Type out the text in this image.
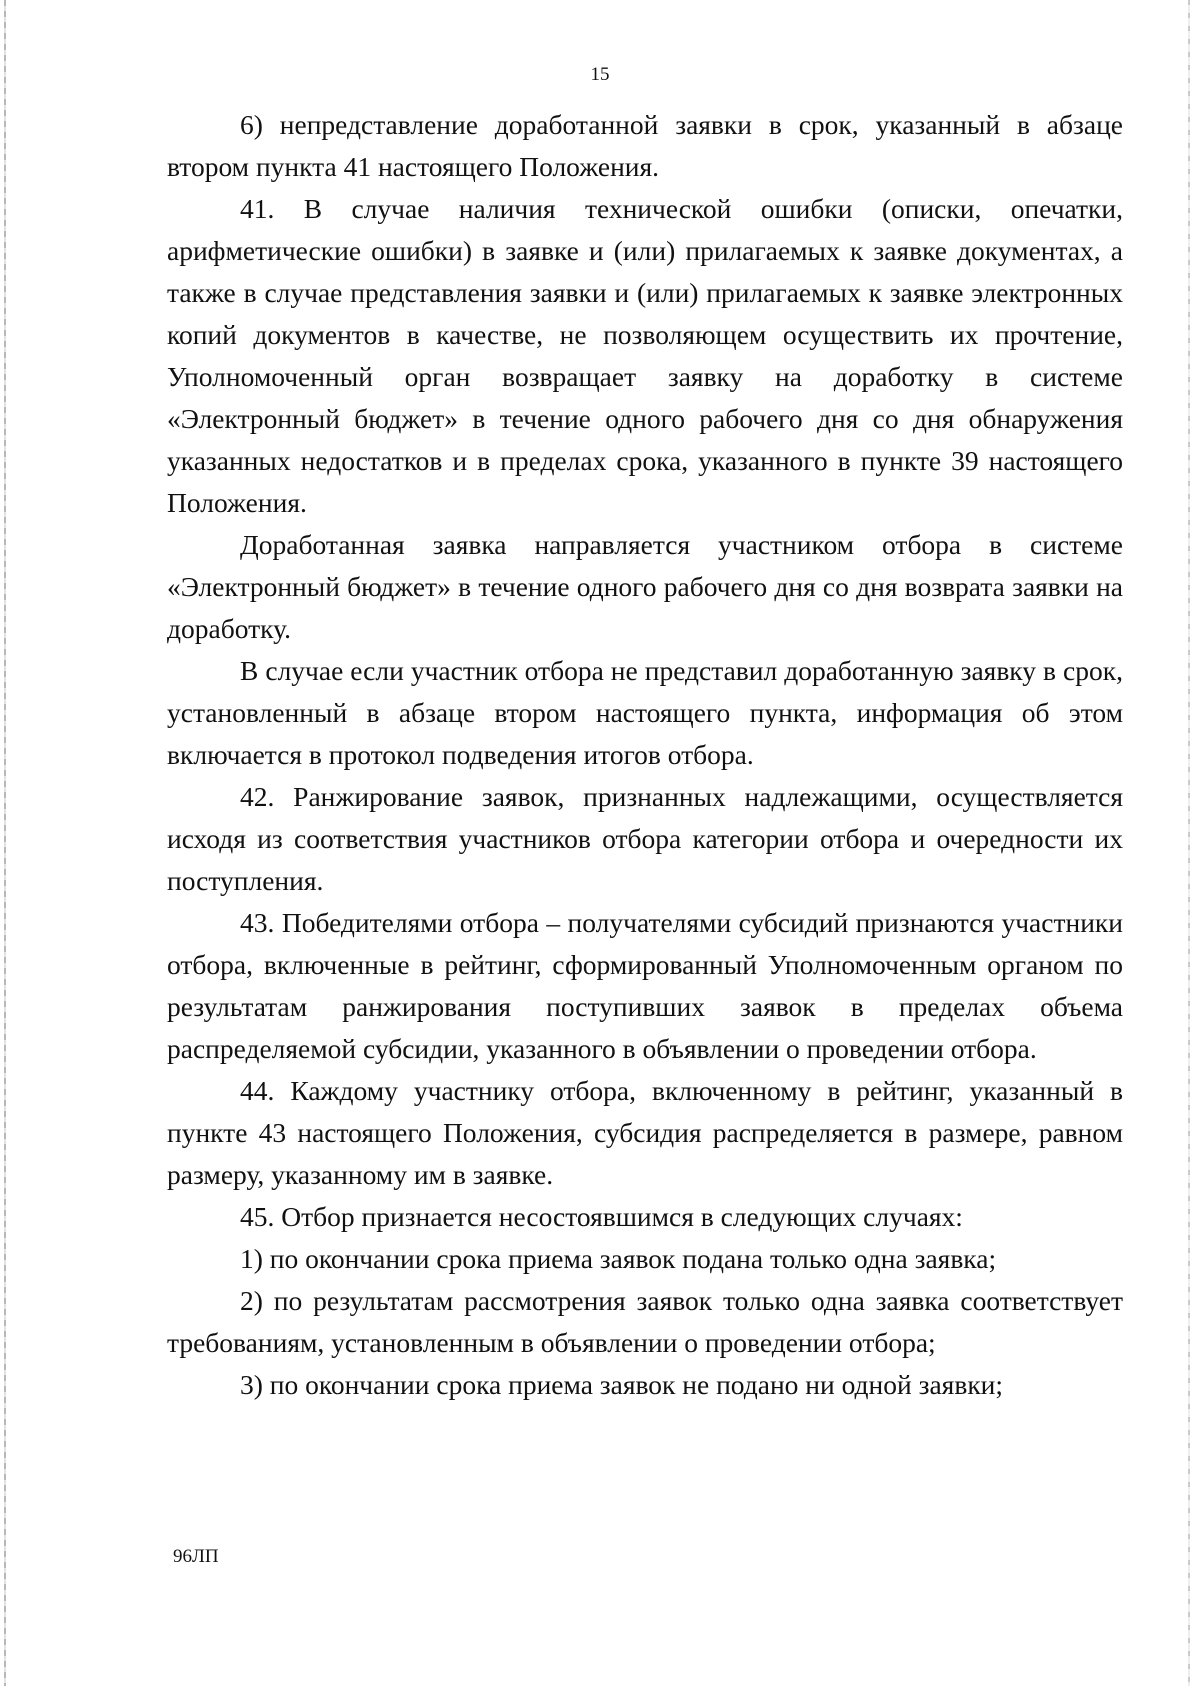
15

6) непредставление доработанной заявки в срок, указанный в абзаце втором пункта 41 настоящего Положения.

41. В случае наличия технической ошибки (описки, опечатки, арифметические ошибки) в заявке и (или) прилагаемых к заявке документах, а также в случае представления заявки и (или) прилагаемых к заявке электронных копий документов в качестве, не позволяющем осуществить их прочтение, Уполномоченный орган возвращает заявку на доработку в системе «Электронный бюджет» в течение одного рабочего дня со дня обнаружения указанных недостатков и в пределах срока, указанного в пункте 39 настоящего Положения.

Доработанная заявка направляется участником отбора в системе «Электронный бюджет» в течение одного рабочего дня со дня возврата заявки на доработку.

В случае если участник отбора не представил доработанную заявку в срок, установленный в абзаце втором настоящего пункта, информация об этом включается в протокол подведения итогов отбора.

42. Ранжирование заявок, признанных надлежащими, осуществляется исходя из соответствия участников отбора категории отбора и очередности их поступления.

43. Победителями отбора – получателями субсидий признаются участники отбора, включенные в рейтинг, сформированный Уполномоченным органом по результатам ранжирования поступивших заявок в пределах объема распределяемой субсидии, указанного в объявлении о проведении отбора.

44. Каждому участнику отбора, включенному в рейтинг, указанный в пункте 43 настоящего Положения, субсидия распределяется в размере, равном размеру, указанному им в заявке.

45. Отбор признается несостоявшимся в следующих случаях:

1) по окончании срока приема заявок подана только одна заявка;

2) по результатам рассмотрения заявок только одна заявка соответствует требованиям, установленным в объявлении о проведении отбора;

3) по окончании срока приема заявок не подано ни одной заявки;

96ЛП
